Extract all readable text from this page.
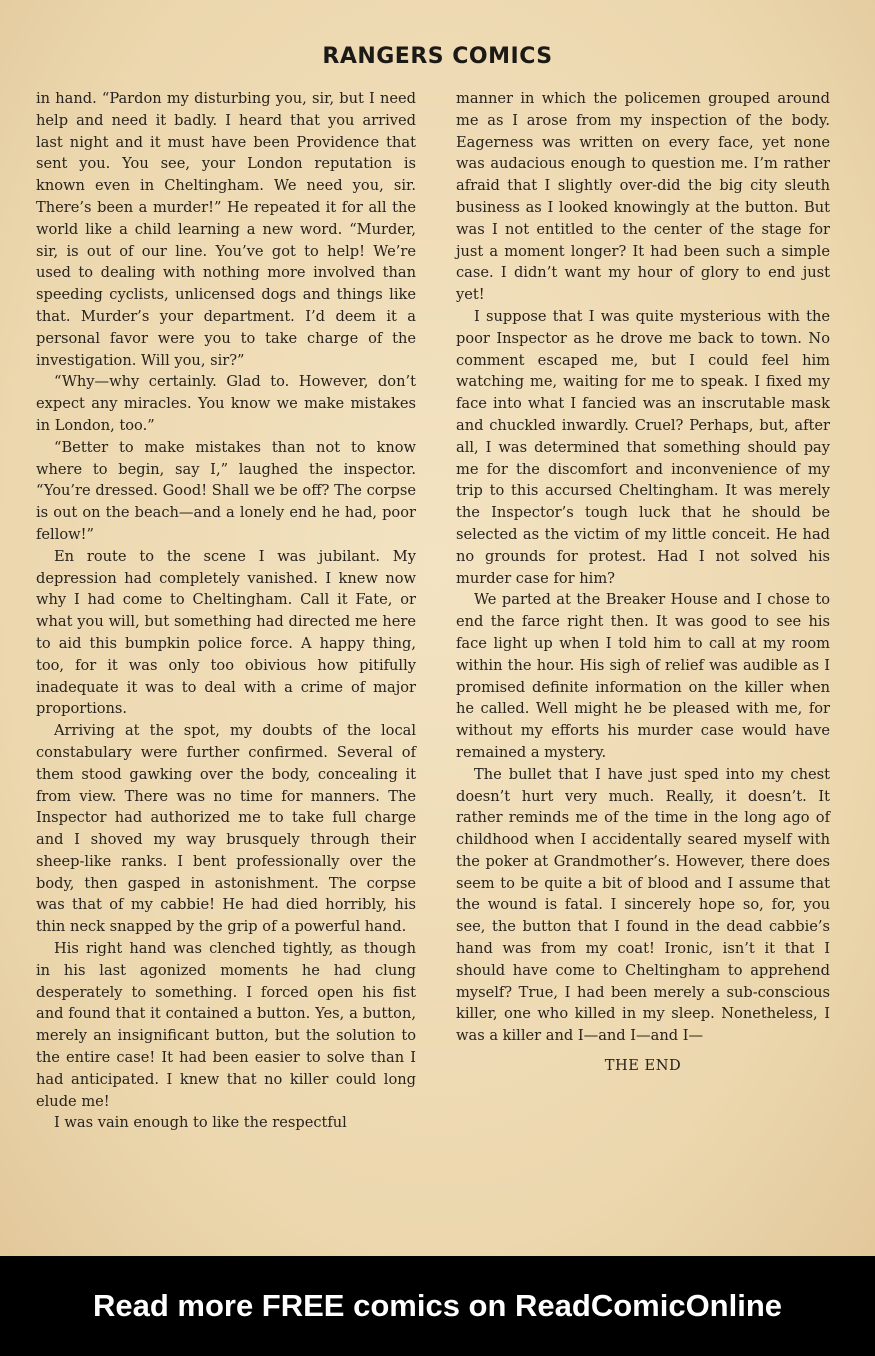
RANGERS COMICS

in hand. “Pardon my disturbing you, sir, but I need help and need it badly. I heard that you arrived last night and it must have been Providence that sent you. You see, your London reputation is known even in Cheltingham. We need you, sir. There’s been a murder!” He repeated it for all the world like a child learning a new word. “Murder, sir, is out of our line. You’ve got to help! We’re used to dealing with nothing more involved than speeding cyclists, unlicensed dogs and things like that. Murder’s your department. I’d deem it a personal favor were you to take charge of the investigation. Will you, sir?”

“Why—why certainly. Glad to. However, don’t expect any miracles. You know we make mistakes in London, too.”

“Better to make mistakes than not to know where to begin, say I,” laughed the inspector. “You’re dressed. Good! Shall we be off? The corpse is out on the beach—and a lonely end he had, poor fellow!”

En route to the scene I was jubilant. My depression had completely vanished. I knew now why I had come to Cheltingham. Call it Fate, or what you will, but something had directed me here to aid this bumpkin police force. A happy thing, too, for it was only too obivious how pitifully inadequate it was to deal with a crime of major proportions.

Arriving at the spot, my doubts of the local constabulary were further confirmed. Several of them stood gawking over the body, concealing it from view. There was no time for manners. The Inspector had authorized me to take full charge and I shoved my way brusquely through their sheep-like ranks. I bent professionally over the body, then gasped in astonishment. The corpse was that of my cabbie! He had died horribly, his thin neck snapped by the grip of a powerful hand.

His right hand was clenched tightly, as though in his last agonized moments he had clung desperately to something. I forced open his fist and found that it contained a button. Yes, a button, merely an insignificant button, but the solution to the entire case! It had been easier to solve than I had anticipated. I knew that no killer could long elude me!

I was vain enough to like the respectful

manner in which the policemen grouped around me as I arose from my inspection of the body. Eagerness was written on every face, yet none was audacious enough to question me. I’m rather afraid that I slightly over-did the big city sleuth business as I looked knowingly at the button. But was I not entitled to the center of the stage for just a moment longer? It had been such a simple case. I didn’t want my hour of glory to end just yet!

I suppose that I was quite mysterious with the poor Inspector as he drove me back to town. No comment escaped me, but I could feel him watching me, waiting for me to speak. I fixed my face into what I fancied was an inscrutable mask and chuckled inwardly. Cruel? Perhaps, but, after all, I was determined that something should pay me for the discomfort and inconvenience of my trip to this accursed Cheltingham. It was merely the Inspector’s tough luck that he should be selected as the victim of my little conceit. He had no grounds for protest. Had I not solved his murder case for him?

We parted at the Breaker House and I chose to end the farce right then. It was good to see his face light up when I told him to call at my room within the hour. His sigh of relief was audible as I promised definite information on the killer when he called. Well might he be pleased with me, for without my efforts his murder case would have remained a mystery.

The bullet that I have just sped into my chest doesn’t hurt very much. Really, it doesn’t. It rather reminds me of the time in the long ago of childhood when I accidentally seared myself with the poker at Grandmother’s. However, there does seem to be quite a bit of blood and I assume that the wound is fatal. I sincerely hope so, for, you see, the button that I found in the dead cabbie’s hand was from my coat! Ironic, isn’t it that I should have come to Cheltingham to apprehend myself? True, I had been merely a sub-conscious killer, one who killed in my sleep. Nonetheless, I was a killer and I—and I—and I—

THE END

Read more FREE comics on ReadComicOnline
